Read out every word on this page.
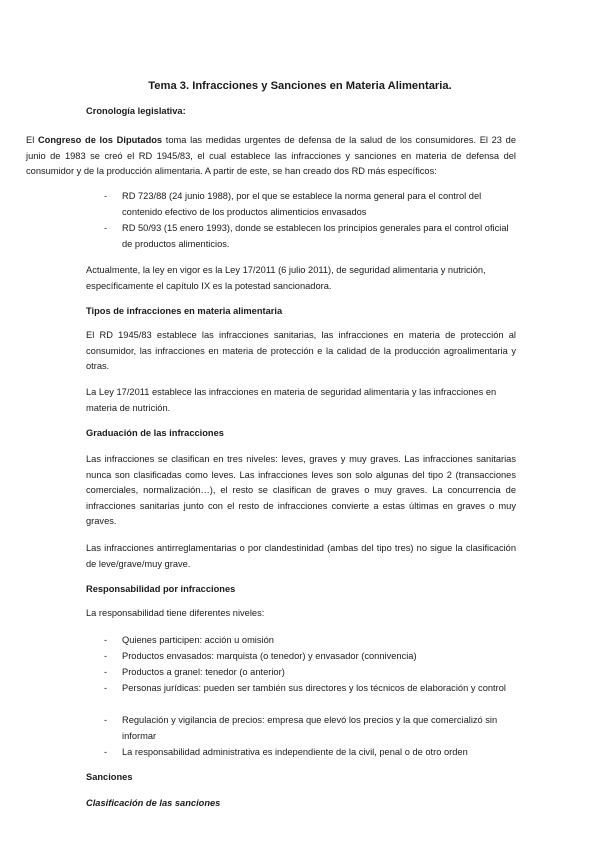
Tema 3. Infracciones y Sanciones en Materia Alimentaria.
Cronología legislativa:

El Congreso de los Diputados toma las medidas urgentes de defensa de la salud de los consumidores. El 23 de junio de 1983 se creó el RD 1945/83, el cual establece las infracciones y sanciones en materia de defensa del consumidor y de la producción alimentaria. A partir de este, se han creado dos RD más específicos:

- RD 723/88 (24 junio 1988), por el que se establece la norma general para el control del contenido efectivo de los productos alimenticios envasados
- RD 50/93 (15 enero 1993), donde se establecen los principios generales para el control oficial de productos alimenticios.

Actualmente, la ley en vigor es la Ley 17/2011 (6 julio 2011), de seguridad alimentaria y nutrición, específicamente el capítulo IX es la potestad sancionadora.

Tipos de infracciones en materia alimentaria

El RD 1945/83 establece las infracciones sanitarias, las infracciones en materia de protección al consumidor, las infracciones en materia de protección e la calidad de la producción agroalimentaria y otras.

La Ley 17/2011 establece las infracciones en materia de seguridad alimentaria y las infracciones en materia de nutrición.

Graduación de las infracciones

Las infracciones se clasifican en tres niveles: leves, graves y muy graves. Las infracciones sanitarias nunca son clasificadas como leves. Las infracciones leves son solo algunas del tipo 2 (transacciones comerciales, normalización…), el resto se clasifican de graves o muy graves. La concurrencia de infracciones sanitarias junto con el resto de infracciones convierte a estas últimas en graves o muy graves.

Las infracciones antirreglamentarias o por clandestinidad (ambas del tipo tres) no sigue la clasificación de leve/grave/muy grave.

Responsabilidad por infracciones
La responsabilidad tiene diferentes niveles:
- Quienes participen: acción u omisión
- Productos envasados: marquista (o tenedor) y envasador (connivencia)
- Productos a granel: tenedor (o anterior)
- Personas jurídicas: pueden ser también sus directores y los técnicos de elaboración y control
- Regulación y vigilancia de precios: empresa que elevó los precios y la que comercializó sin informar
- La responsabilidad administrativa es independiente de la civil, penal o de otro orden
Sanciones
Clasificación de las sanciones
